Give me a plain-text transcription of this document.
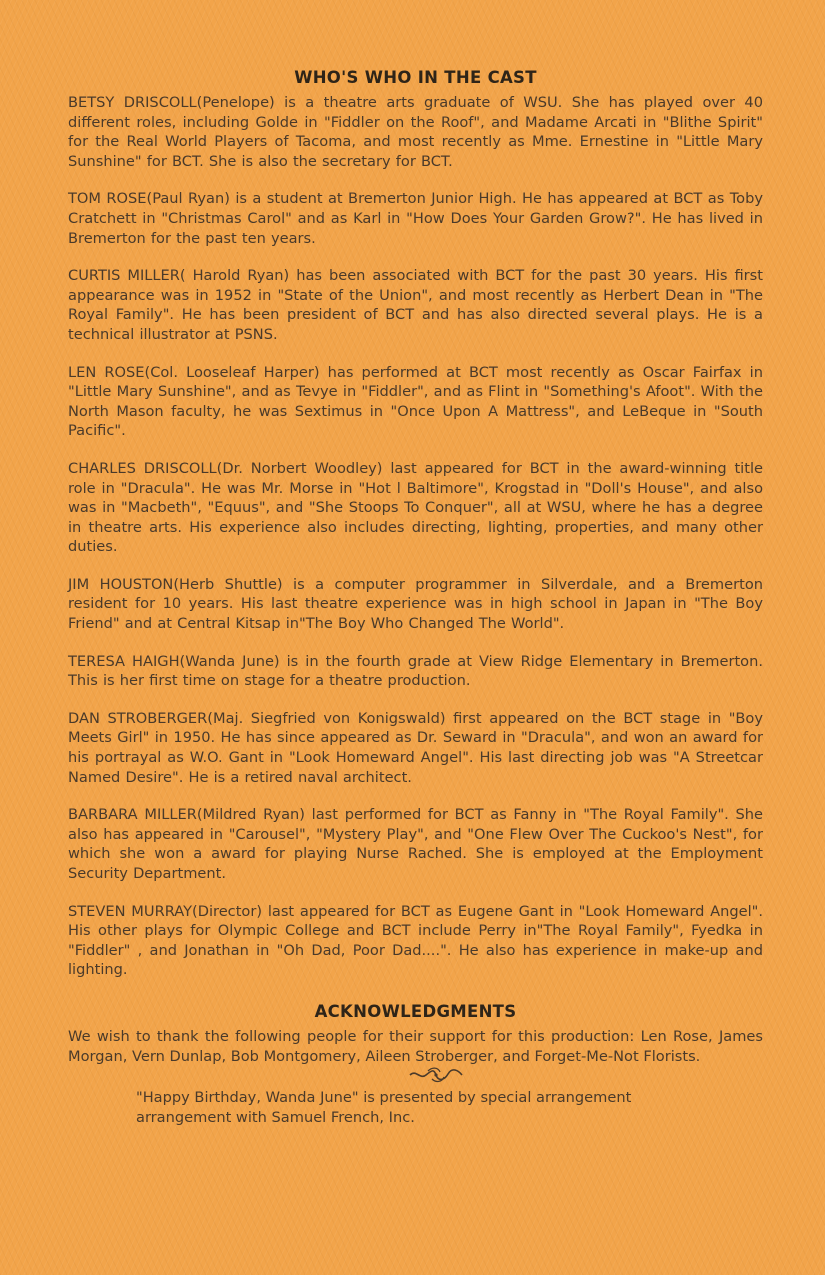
WHO'S WHO IN THE CAST

BETSY DRISCOLL(Penelope) is a theatre arts graduate of WSU. She has played over 40 different roles, including Golde in "Fiddler on the Roof", and Madame Arcati in "Blithe Spirit" for the Real World Players of Tacoma, and most recently as Mme. Ernestine in "Little Mary Sunshine" for BCT. She is also the secretary for BCT.

TOM ROSE(Paul Ryan) is a student at Bremerton Junior High. He has appeared at BCT as Toby Cratchett in "Christmas Carol" and as Karl in "How Does Your Garden Grow?". He has lived in Bremerton for the past ten years.

CURTIS MILLER( Harold Ryan) has been associated with BCT for the past 30 years. His first appearance was in 1952 in "State of the Union", and most recently as Herbert Dean in "The Royal Family". He has been president of BCT and has also directed several plays. He is a technical illustrator at PSNS.

LEN ROSE(Col. Looseleaf Harper) has performed at BCT most recently as Oscar Fairfax in "Little Mary Sunshine", and as Tevye in "Fiddler", and as Flint in "Something's Afoot". With the North Mason faculty, he was Sextimus in "Once Upon A Mattress", and LeBeque in "South Pacific".

CHARLES DRISCOLL(Dr. Norbert Woodley) last appeared for BCT in the award-winning title role in "Dracula". He was Mr. Morse in "Hot l Baltimore", Krogstad in "Doll's House", and also was in "Macbeth", "Equus", and "She Stoops To Conquer", all at WSU, where he has a degree in theatre arts. His experience also includes directing, lighting, properties, and many other duties.

JIM HOUSTON(Herb Shuttle) is a computer programmer in Silverdale, and a Bremerton resident for 10 years. His last theatre experience was in high school in Japan in "The Boy Friend" and at Central Kitsap in"The Boy Who Changed The World".

TERESA HAIGH(Wanda June) is in the fourth grade at View Ridge Elementary in Bremerton. This is her first time on stage for a theatre production.

DAN STROBERGER(Maj. Siegfried von Konigswald) first appeared on the BCT stage in "Boy Meets Girl" in 1950. He has since appeared as Dr. Seward in "Dracula", and won an award for his portrayal as W.O. Gant in "Look Homeward Angel". His last directing job was "A Streetcar Named Desire". He is a retired naval architect.

BARBARA MILLER(Mildred Ryan) last performed for BCT as Fanny in "The Royal Family". She also has appeared in "Carousel", "Mystery Play", and "One Flew Over The Cuckoo's Nest", for which she won a award for playing Nurse Rached. She is employed at the Employment Security Department.

STEVEN MURRAY(Director) last appeared for BCT as Eugene Gant in "Look Homeward Angel". His other plays for Olympic College and BCT include Perry in"The Royal Family", Fyedka in "Fiddler" , and Jonathan in "Oh Dad, Poor Dad....". He also has experience in make-up and lighting.

ACKNOWLEDGMENTS

We wish to thank the following people for their support for this production: Len Rose, James Morgan, Vern Dunlap, Bob Montgomery, Aileen Stroberger, and Forget-Me-Not Florists.

"Happy Birthday, Wanda June" is presented by special arrangement arrangement with Samuel French, Inc.
